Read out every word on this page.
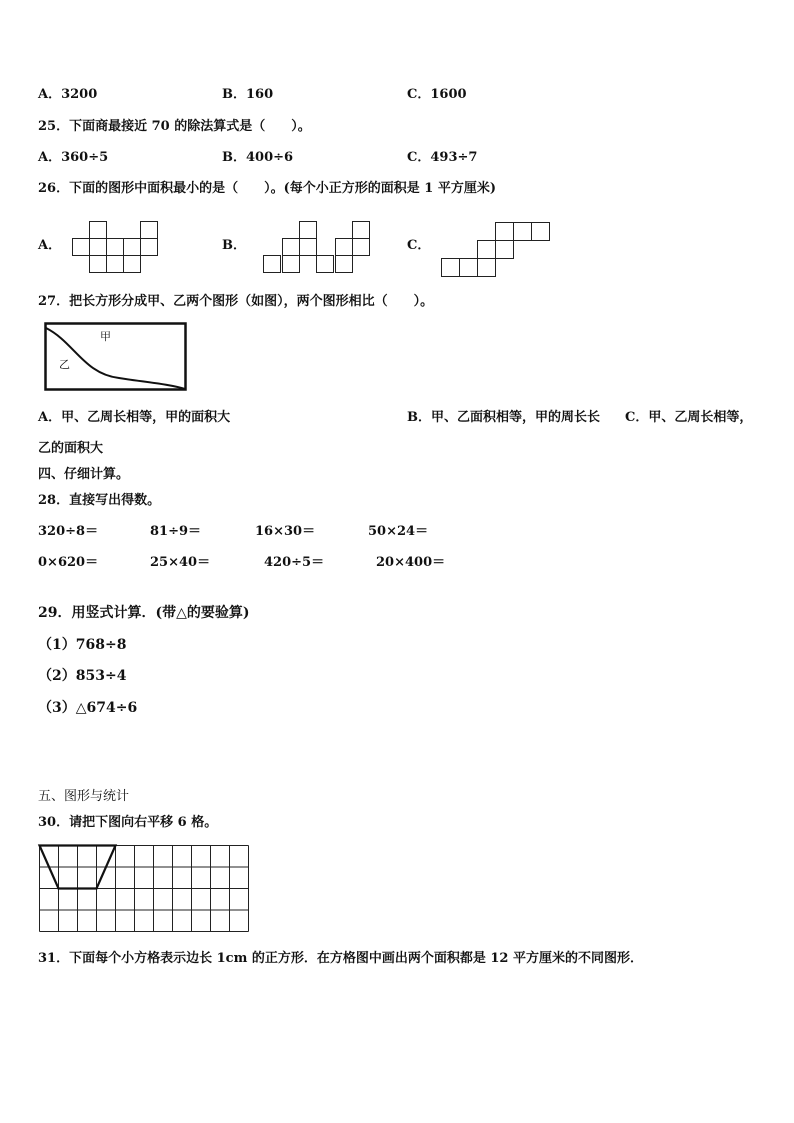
A．3200	B．160	C．1600
25．下面商最接近 70 的除法算式是（　　）。
A．360÷5	B．400÷6	C．493÷7
26．下面的图形中面积最小的是（　　）。(每个小正方形的面积是 1 平方厘米)
A．	B．	C．
27．把长方形分成甲、乙两个图形（如图），两个图形相比（　　）。
甲
乙
A．甲、乙周长相等，甲的面积大	B．甲、乙面积相等，甲的周长长 C．甲、乙周长相等，
乙的面积大
四、仔细计算。
28．直接写出得数。
320÷8＝	81÷9＝	16×30＝	50×24＝
0×620＝	25×40＝	420÷5＝	20×400＝
29．用竖式计算．(带△的要验算)
（1）768÷8
（2）853÷4
（3）△674÷6
五、图形与统计
30．请把下图向右平移 6 格。
31．下面每个小方格表示边长 1cm 的正方形．在方格图中画出两个面积都是 12 平方厘米的不同图形．
